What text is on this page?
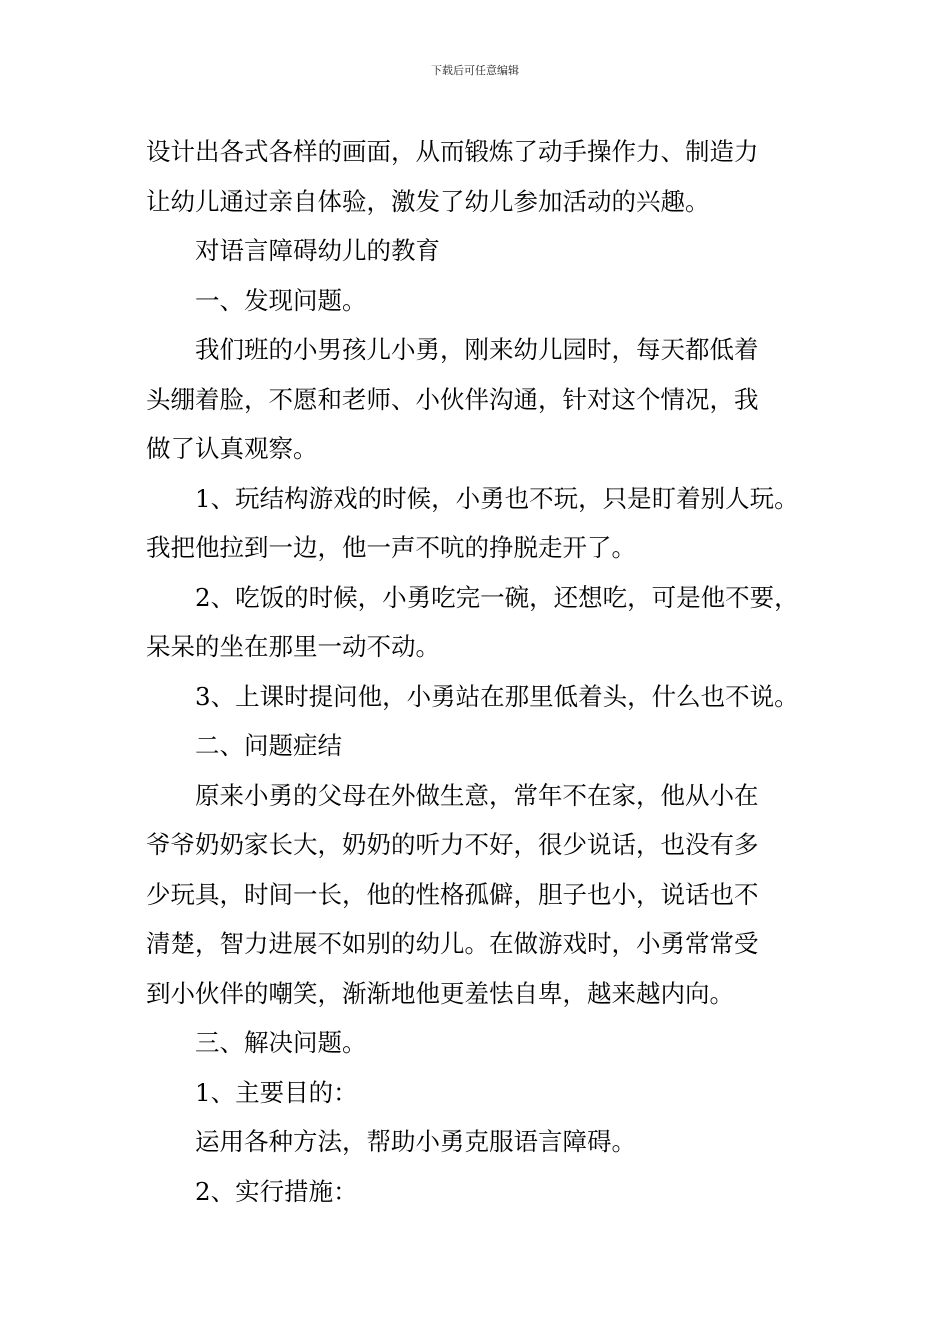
下载后可任意编辑
设计出各式各样的画面，从而锻炼了动手操作力、制造力
让幼儿通过亲自体验，激发了幼儿参加活动的兴趣。
对语言障碍幼儿的教育
一、发现问题。
我们班的小男孩儿小勇，刚来幼儿园时，每天都低着
头绷着脸，不愿和老师、小伙伴沟通，针对这个情况，我
做了认真观察。
1、玩结构游戏的时候，小勇也不玩，只是盯着别人玩。
我把他拉到一边，他一声不吭的挣脱走开了。
2、吃饭的时候，小勇吃完一碗，还想吃，可是他不要，
呆呆的坐在那里一动不动。
3、上课时提问他，小勇站在那里低着头，什么也不说。
二、问题症结
原来小勇的父母在外做生意，常年不在家，他从小在
爷爷奶奶家长大，奶奶的听力不好，很少说话，也没有多
少玩具，时间一长，他的性格孤僻，胆子也小，说话也不
清楚，智力进展不如别的幼儿。在做游戏时，小勇常常受
到小伙伴的嘲笑，渐渐地他更羞怯自卑，越来越内向。
三、解决问题。
1、主要目的：
运用各种方法，帮助小勇克服语言障碍。
2、实行措施：
